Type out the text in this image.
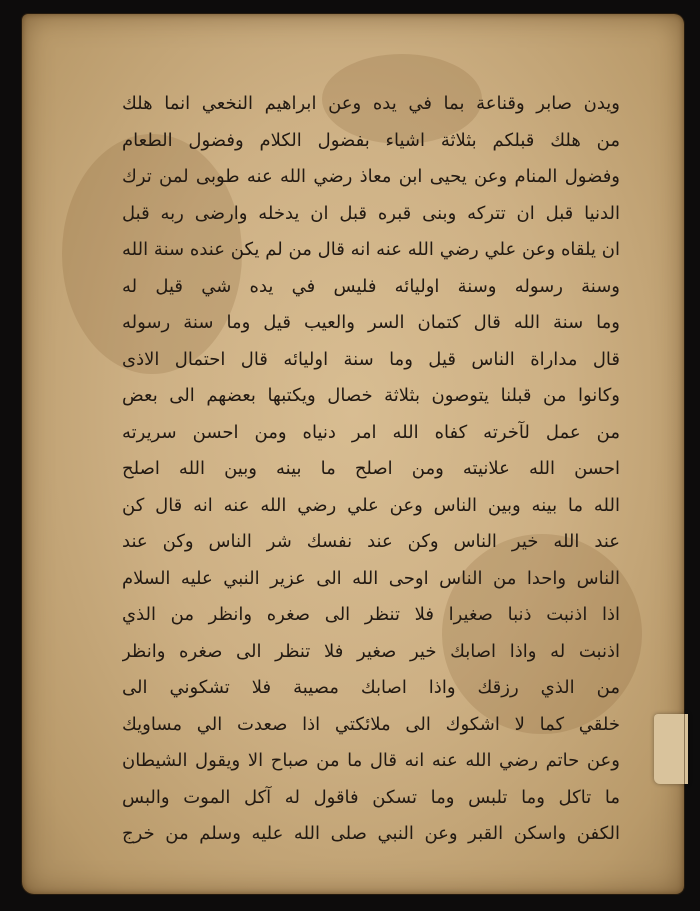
ويدن صابر وقناعة بما في يده وعن ابراهيم النخعي انما هلك
من هلك قبلكم بثلاثة اشياء بفضول الكلام وفضول الطعام
وفضول المنام وعن يحيى ابن معاذ رضي الله عنه طوبى لمن ترك
الدنيا قبل ان تتركه وبنى قبره قبل ان يدخله وارضى ربه قبل
ان يلقاه وعن علي رضي الله عنه انه قال من لم يكن عنده سنة الله
وسنة رسوله وسنة اوليائه فليس في يده شي قيل له
وما سنة الله قال كتمان السر والعيب قيل وما سنة رسوله
قال مداراة الناس قيل وما سنة اوليائه قال احتمال الاذى
وكانوا من قبلنا يتوصون بثلاثة خصال ويكتبها بعضهم الى بعض
من عمل لآخرته كفاه الله امر دنياه ومن احسن سريرته
احسن الله علانيته ومن اصلح ما بينه وبين الله اصلح
الله ما بينه وبين الناس وعن علي رضي الله عنه انه قال كن
عند الله خير الناس وكن عند نفسك شر الناس وكن عند
الناس واحدا من الناس اوحى الله الى عزير النبي عليه السلام
اذا اذنبت ذنبا صغيرا فلا تنظر الى صغره وانظر من الذي
اذنبت له واذا اصابك خير صغير فلا تنظر الى صغره وانظر
من الذي رزقك واذا اصابك مصيبة فلا تشكوني الى
خلقي كما لا اشكوك الى ملائكتي اذا صعدت الي مساويك
وعن حاتم رضي الله عنه انه قال ما من صباح الا ويقول الشيطان
ما تاكل وما تلبس وما تسكن فاقول له آكل الموت والبس
الكفن واسكن القبر وعن النبي صلى الله عليه وسلم من خرج
